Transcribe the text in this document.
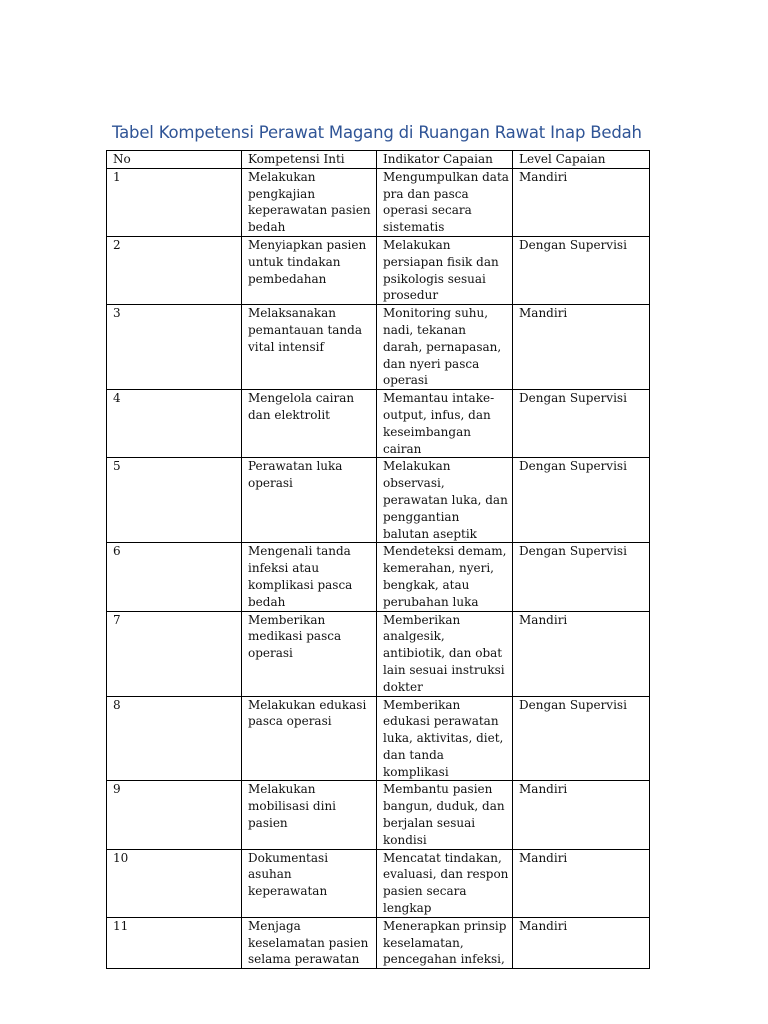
Tabel Kompetensi Perawat Magang di Ruangan Rawat Inap Bedah
No	Kompetensi Inti	Indikator Capaian	Level Capaian
1	Melakukan pengkajian keperawatan pasien bedah	Mengumpulkan data pra dan pasca operasi secara sistematis	Mandiri
2	Menyiapkan pasien untuk tindakan pembedahan	Melakukan persiapan fisik dan psikologis sesuai prosedur	Dengan Supervisi
3	Melaksanakan pemantauan tanda vital intensif	Monitoring suhu, nadi, tekanan darah, pernapasan, dan nyeri pasca operasi	Mandiri
4	Mengelola cairan dan elektrolit	Memantau intake-output, infus, dan keseimbangan cairan	Dengan Supervisi
5	Perawatan luka operasi	Melakukan observasi, perawatan luka, dan penggantian balutan aseptik	Dengan Supervisi
6	Mengenali tanda infeksi atau komplikasi pasca bedah	Mendeteksi demam, kemerahan, nyeri, bengkak, atau perubahan luka	Dengan Supervisi
7	Memberikan medikasi pasca operasi	Memberikan analgesik, antibiotik, dan obat lain sesuai instruksi dokter	Mandiri
8	Melakukan edukasi pasca operasi	Memberikan edukasi perawatan luka, aktivitas, diet, dan tanda komplikasi	Dengan Supervisi
9	Melakukan mobilisasi dini pasien	Membantu pasien bangun, duduk, dan berjalan sesuai kondisi	Mandiri
10	Dokumentasi asuhan keperawatan	Mencatat tindakan, evaluasi, dan respon pasien secara lengkap	Mandiri
11	Menjaga keselamatan pasien selama perawatan	Menerapkan prinsip keselamatan, pencegahan infeksi,	Mandiri
